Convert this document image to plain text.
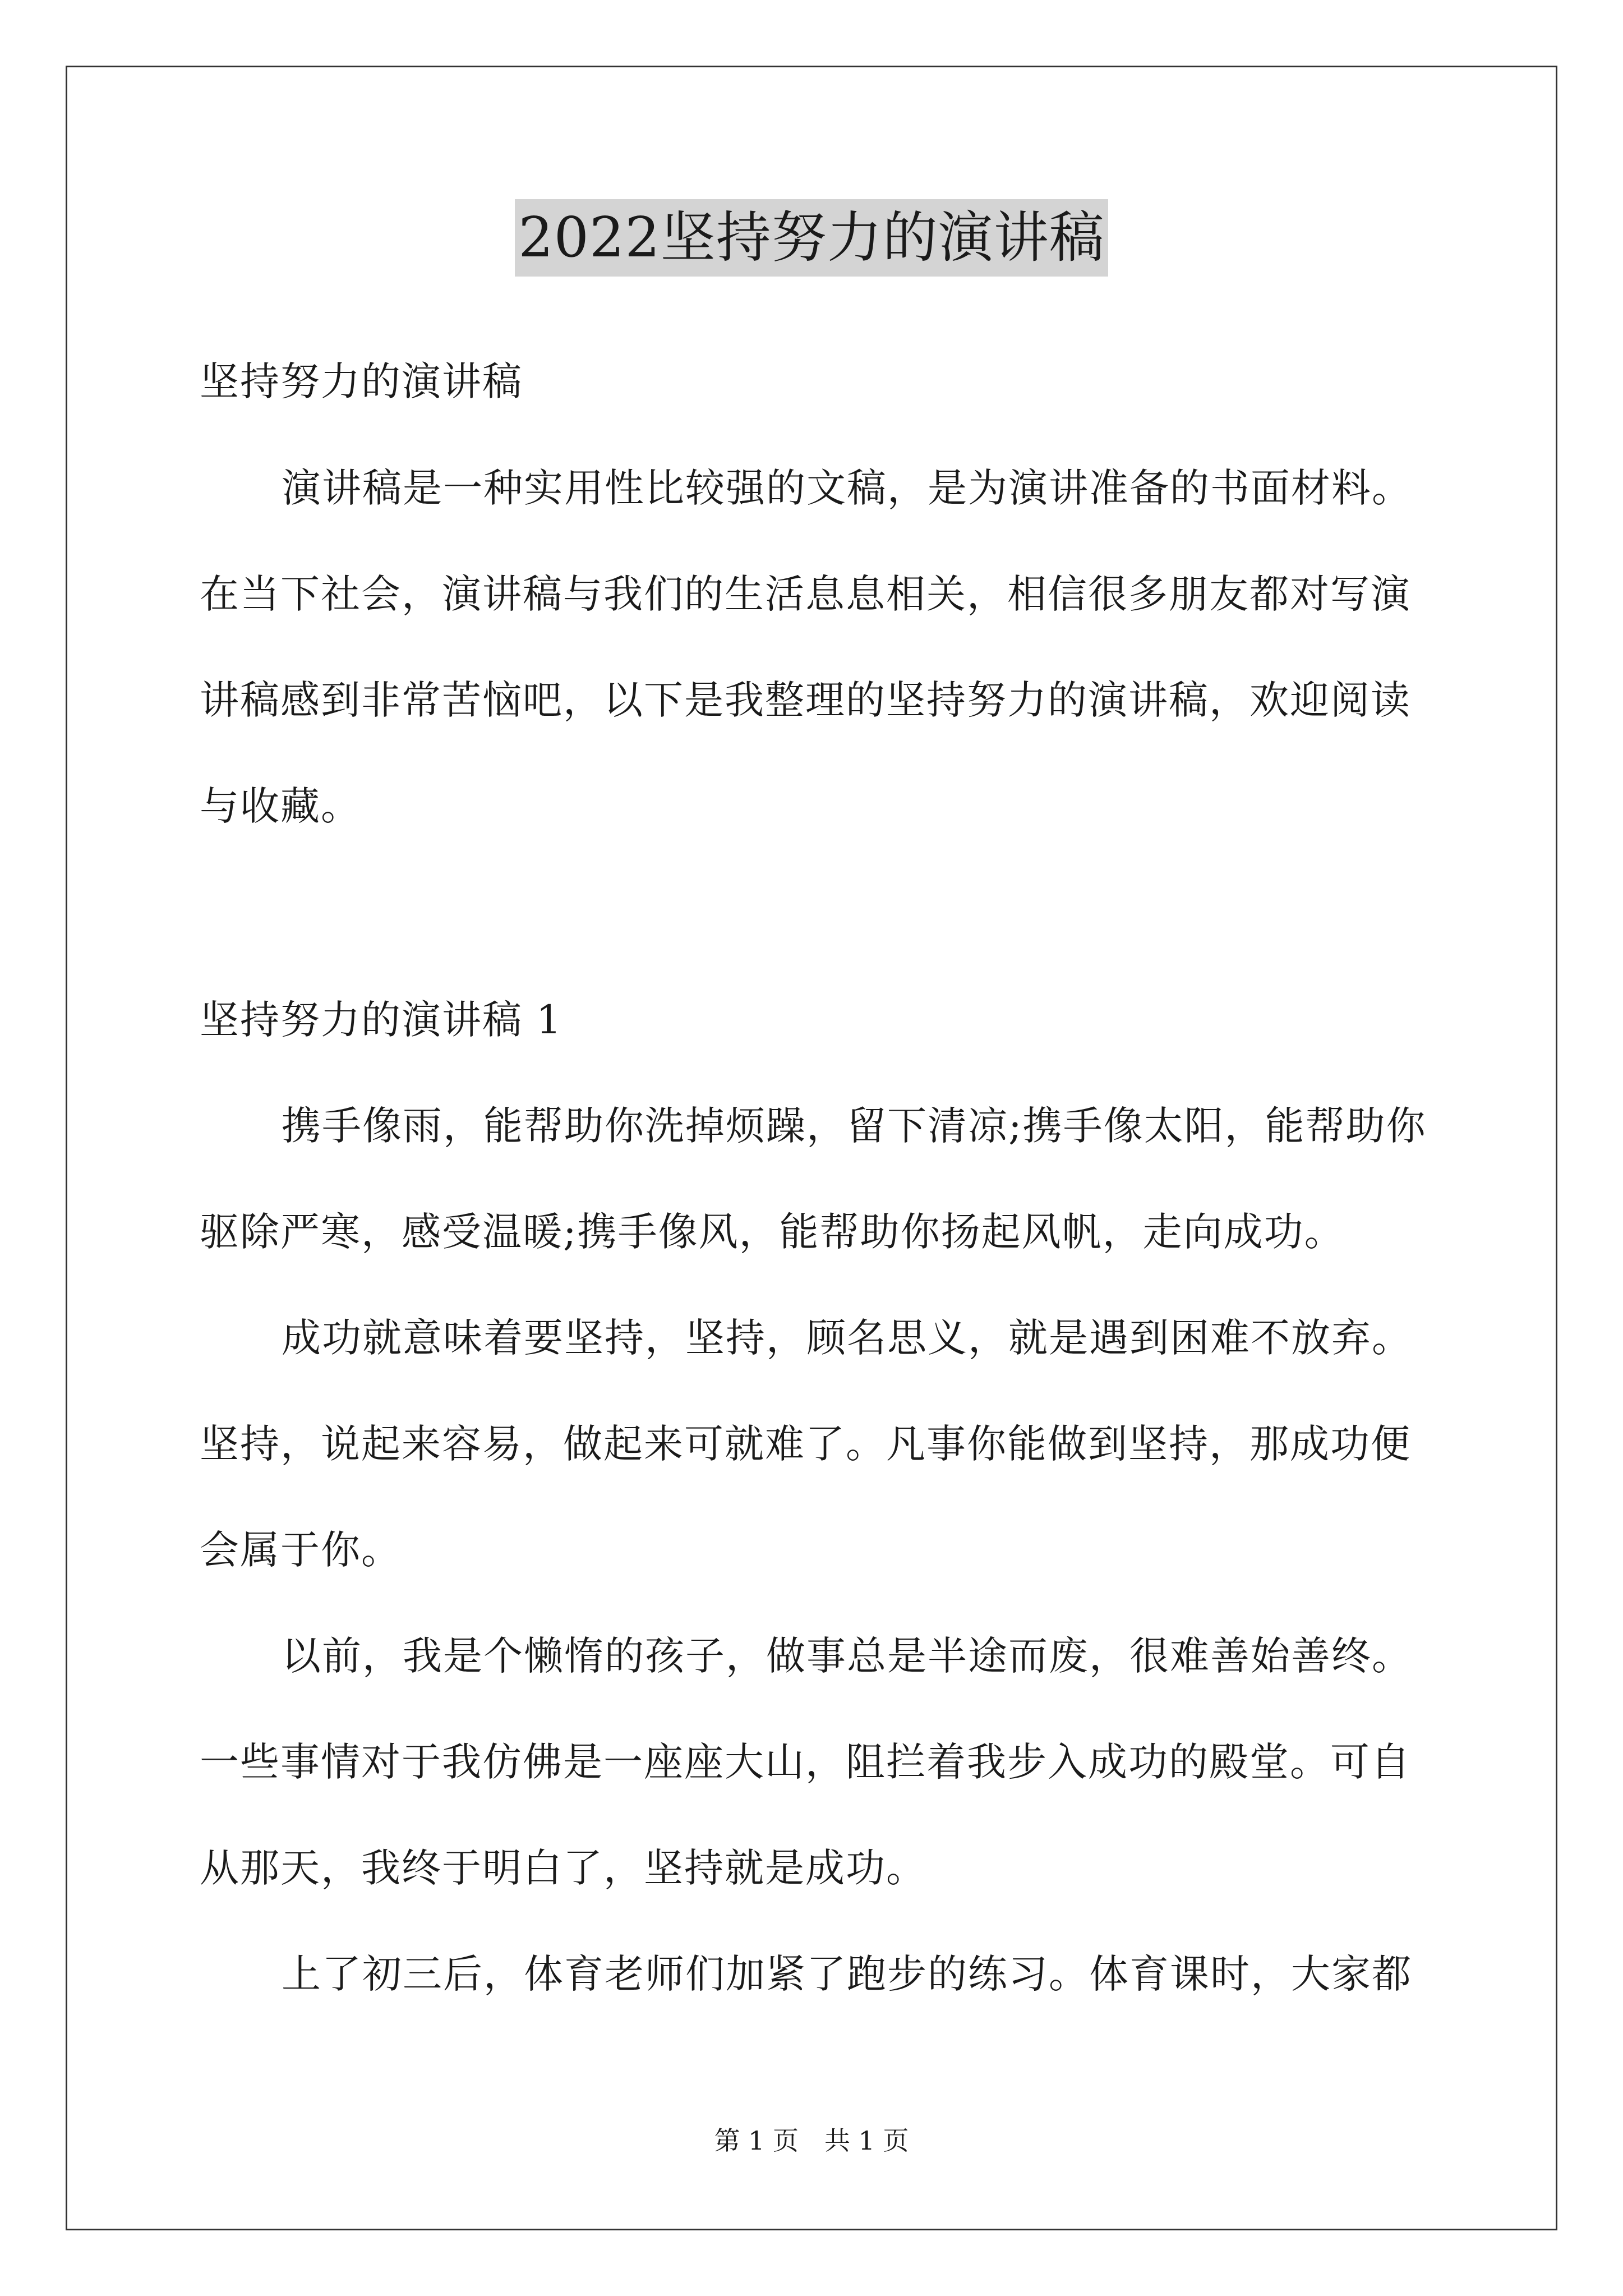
2022坚持努力的演讲稿
坚持努力的演讲稿
演讲稿是一种实用性比较强的文稿，是为演讲准备的书面材料。
在当下社会，演讲稿与我们的生活息息相关，相信很多朋友都对写演
讲稿感到非常苦恼吧，以下是我整理的坚持努力的演讲稿，欢迎阅读
与收藏。
坚持努力的演讲稿 1
携手像雨，能帮助你洗掉烦躁，留下清凉;携手像太阳，能帮助你
驱除严寒，感受温暖;携手像风，能帮助你扬起风帆，走向成功。
成功就意味着要坚持，坚持，顾名思义，就是遇到困难不放弃。
坚持，说起来容易，做起来可就难了。凡事你能做到坚持，那成功便
会属于你。
以前，我是个懒惰的孩子，做事总是半途而废，很难善始善终。
一些事情对于我仿佛是一座座大山，阻拦着我步入成功的殿堂。可自
从那天，我终于明白了，坚持就是成功。
上了初三后，体育老师们加紧了跑步的练习。体育课时，大家都
第 1 页　共 1 页
